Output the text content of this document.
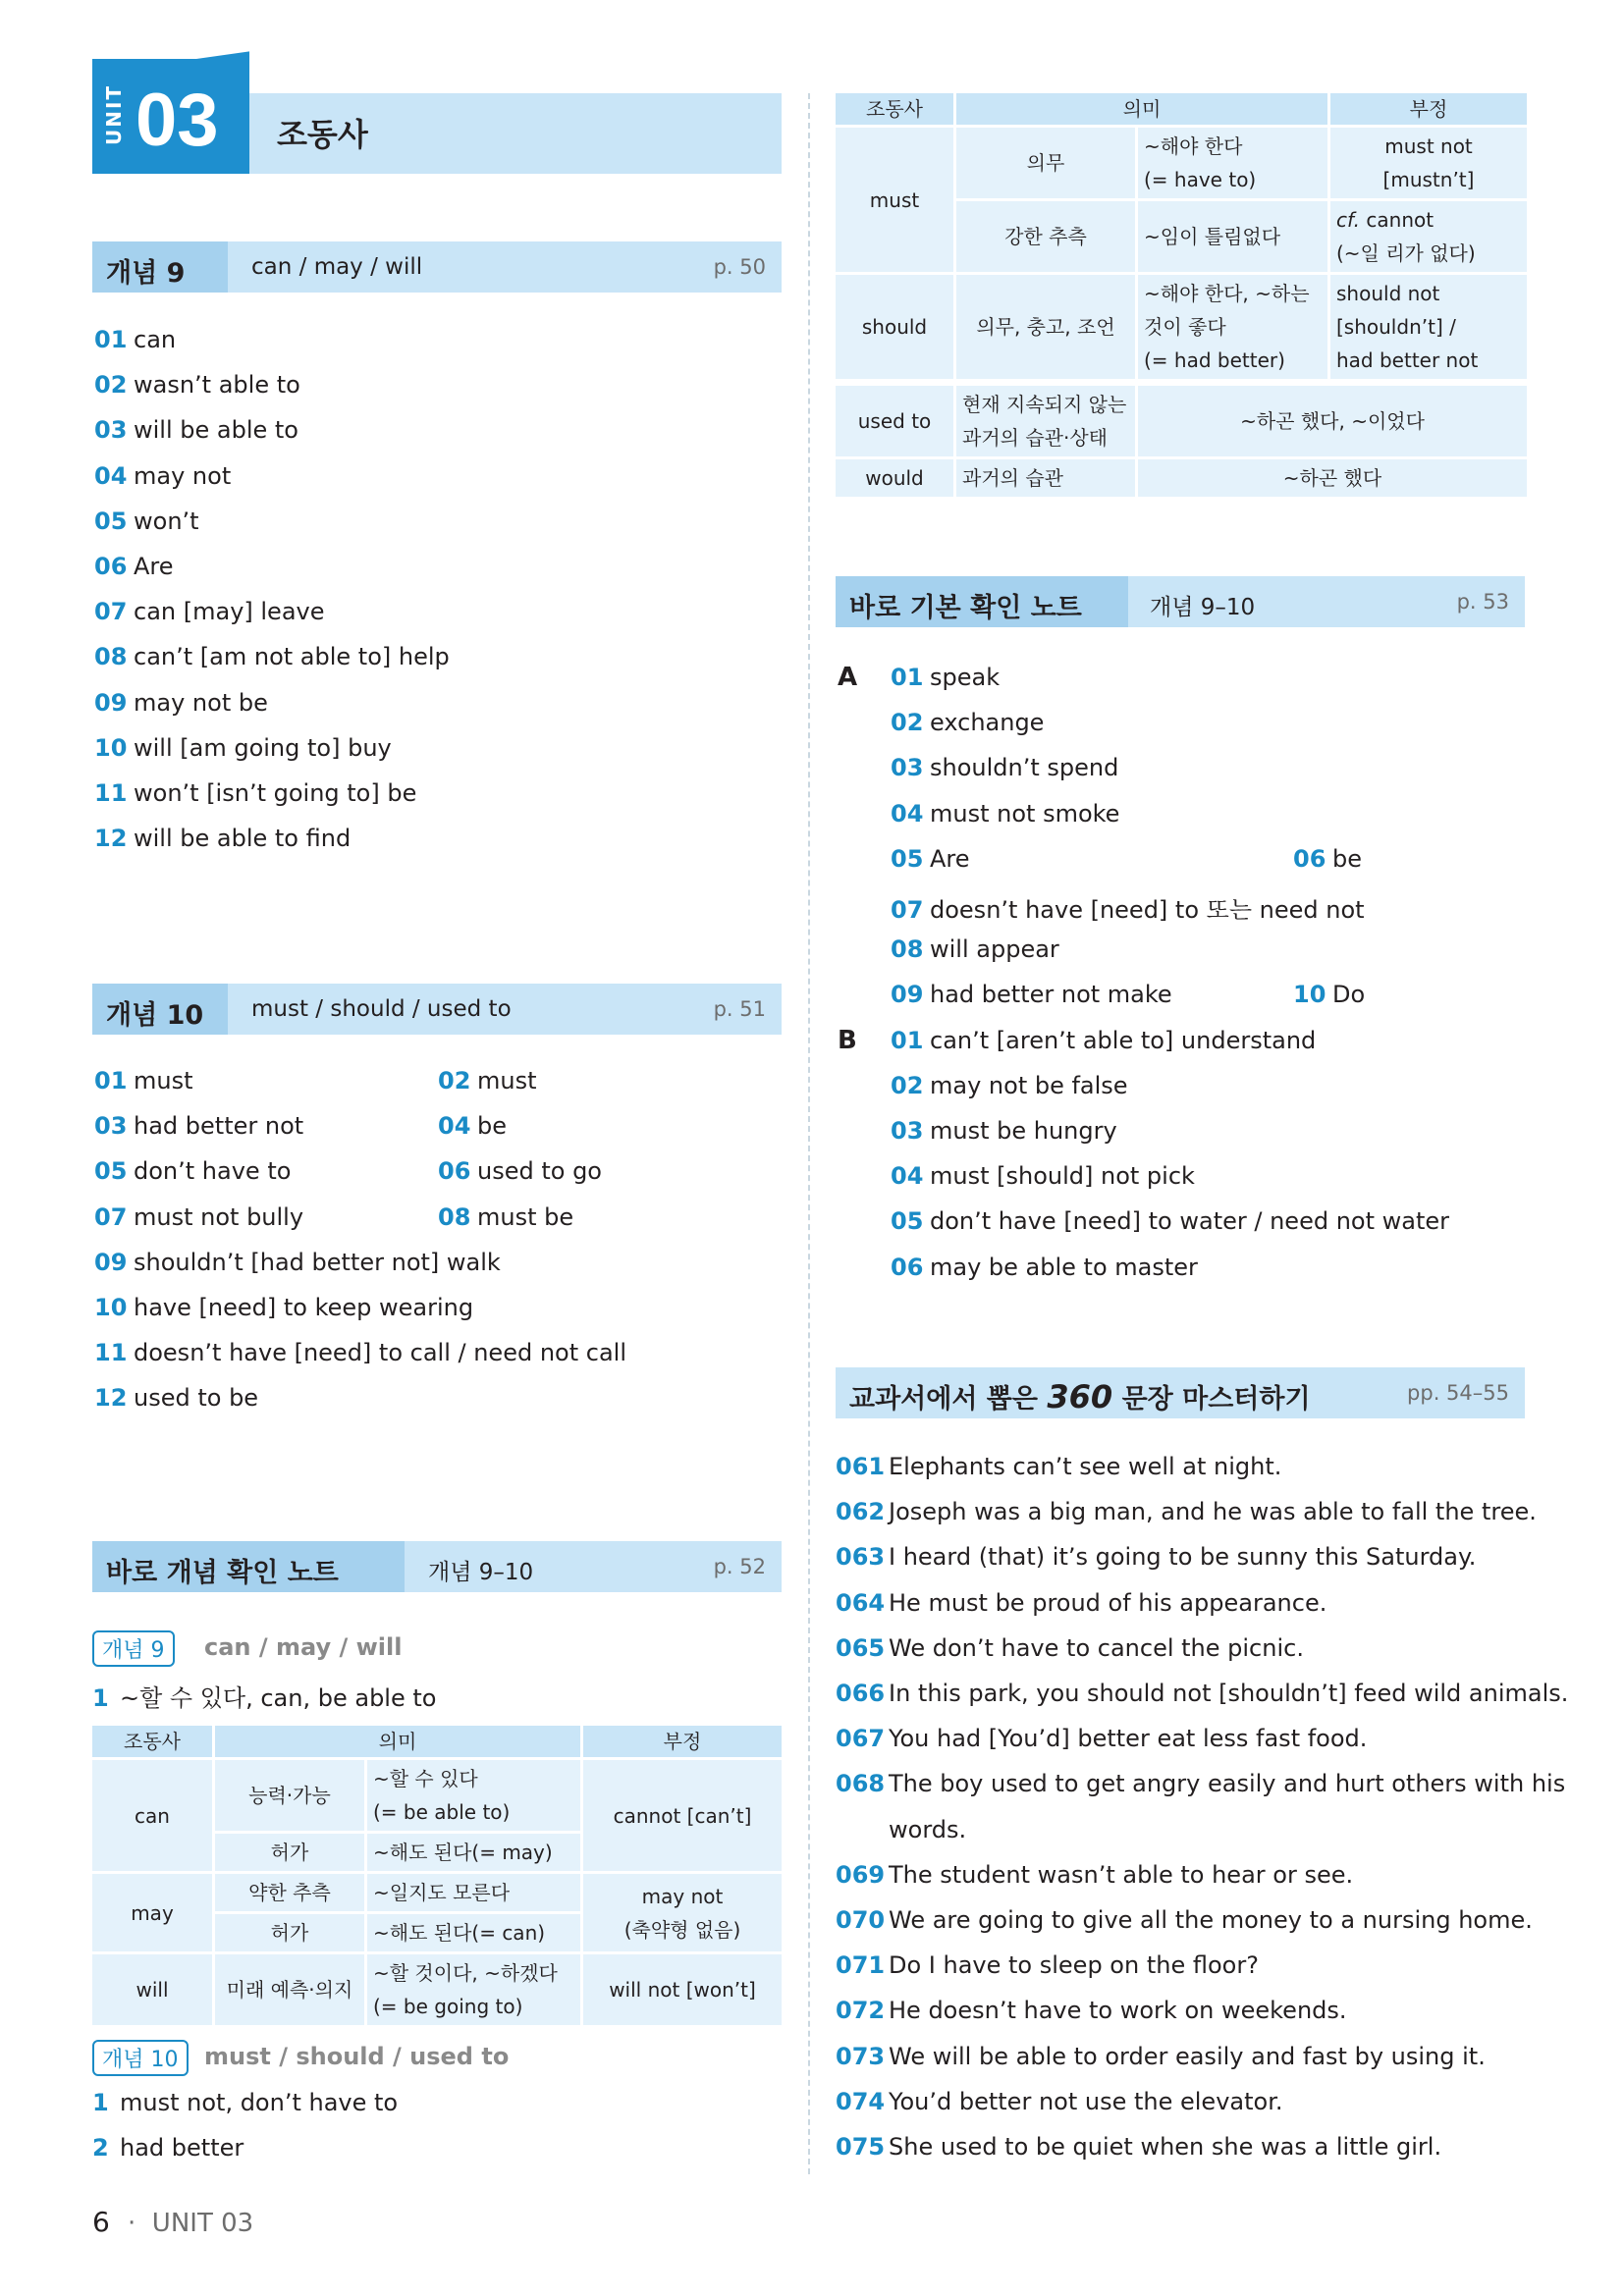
UNIT 03 조동사
개념 9	can / may / will	p. 50
01 can
02 wasn’t able to
03 will be able to
04 may not
05 won’t
06 Are
07 can [may] leave
08 can’t [am not able to] help
09 may not be
10 will [am going to] buy
11 won’t [isn’t going to] be
12 will be able to find
개념 10 must / should / used to	p. 51
01 must	02 must
03 had better not	04 be
05 don’t have to	06 used to go
07 must not bully	08 must be
09 shouldn’t [had better not] walk
10 have [need] to keep wearing
11 doesn’t have [need] to call / need not call
12 used to be
바로 개념 확인 노트	개념 9–10	p. 52
개념 9	can / may / will
1 ~할 수 있다, can, be able to
조동사	의미		부정
can	능력·가능	~할 수 있다
(= be able to)	cannot [can’t]
	허가	~해도 된다(= may)	
may	약한 추측	~일지도 모른다	may not
(축약형 없음)
	허가	~해도 된다(= can)	
will	미래 예측·의지	~할 것이다, ~하겠다
(= be going to)	will not [won’t]
개념 10	must / should / used to
1 must not, don’t have to
2 had better
조동사	의미		부정
must	의무	~해야 한다
(= have to)	must not [mustn’t]
	강한 추측	~임이 틀림없다	cf. cannot
(~일 리가 없다)
should	의무, 충고, 조언	~해야 한다, ~하는
것이 좋다
(= had better)	should not
[shouldn’t] /
had better not
used to	현재 지속되지 않는
과거의 습관·상태	~하곤 했다, ~이었다
would	과거의 습관	~하곤 했다
바로 기본 확인 노트	개념 9–10	p. 53
A 01 speak
02 exchange
03 shouldn’t spend
04 must not smoke
05 Are	06 be
07 doesn’t have [need] to 또는 need not
08 will appear
09 had better not make	10 Do
B 01 can’t [aren’t able to] understand
02 may not be false
03 must be hungry
04 must [should] not pick
05 don’t have [need] to water / need not water
06 may be able to master
교과서에서 뽑은 360 문장 마스터하기	pp. 54–55
061 Elephants can’t see well at night.
062 Joseph was a big man, and he was able to fall the tree.
063 I heard (that) it’s going to be sunny this Saturday.
064 He must be proud of his appearance.
065 We don’t have to cancel the picnic.
066 In this park, you should not [shouldn’t] feed wild animals.
067 You had [You’d] better eat less fast food.
068 The boy used to get angry easily and hurt others with his
words.
069 The student wasn’t able to hear or see.
070 We are going to give all the money to a nursing home.
071 Do I have to sleep on the floor?
072 He doesn’t have to work on weekends.
073 We will be able to order easily and fast by using it.
074 You’d better not use the elevator.
075 She used to be quiet when she was a little girl.
6 · UNIT 03
